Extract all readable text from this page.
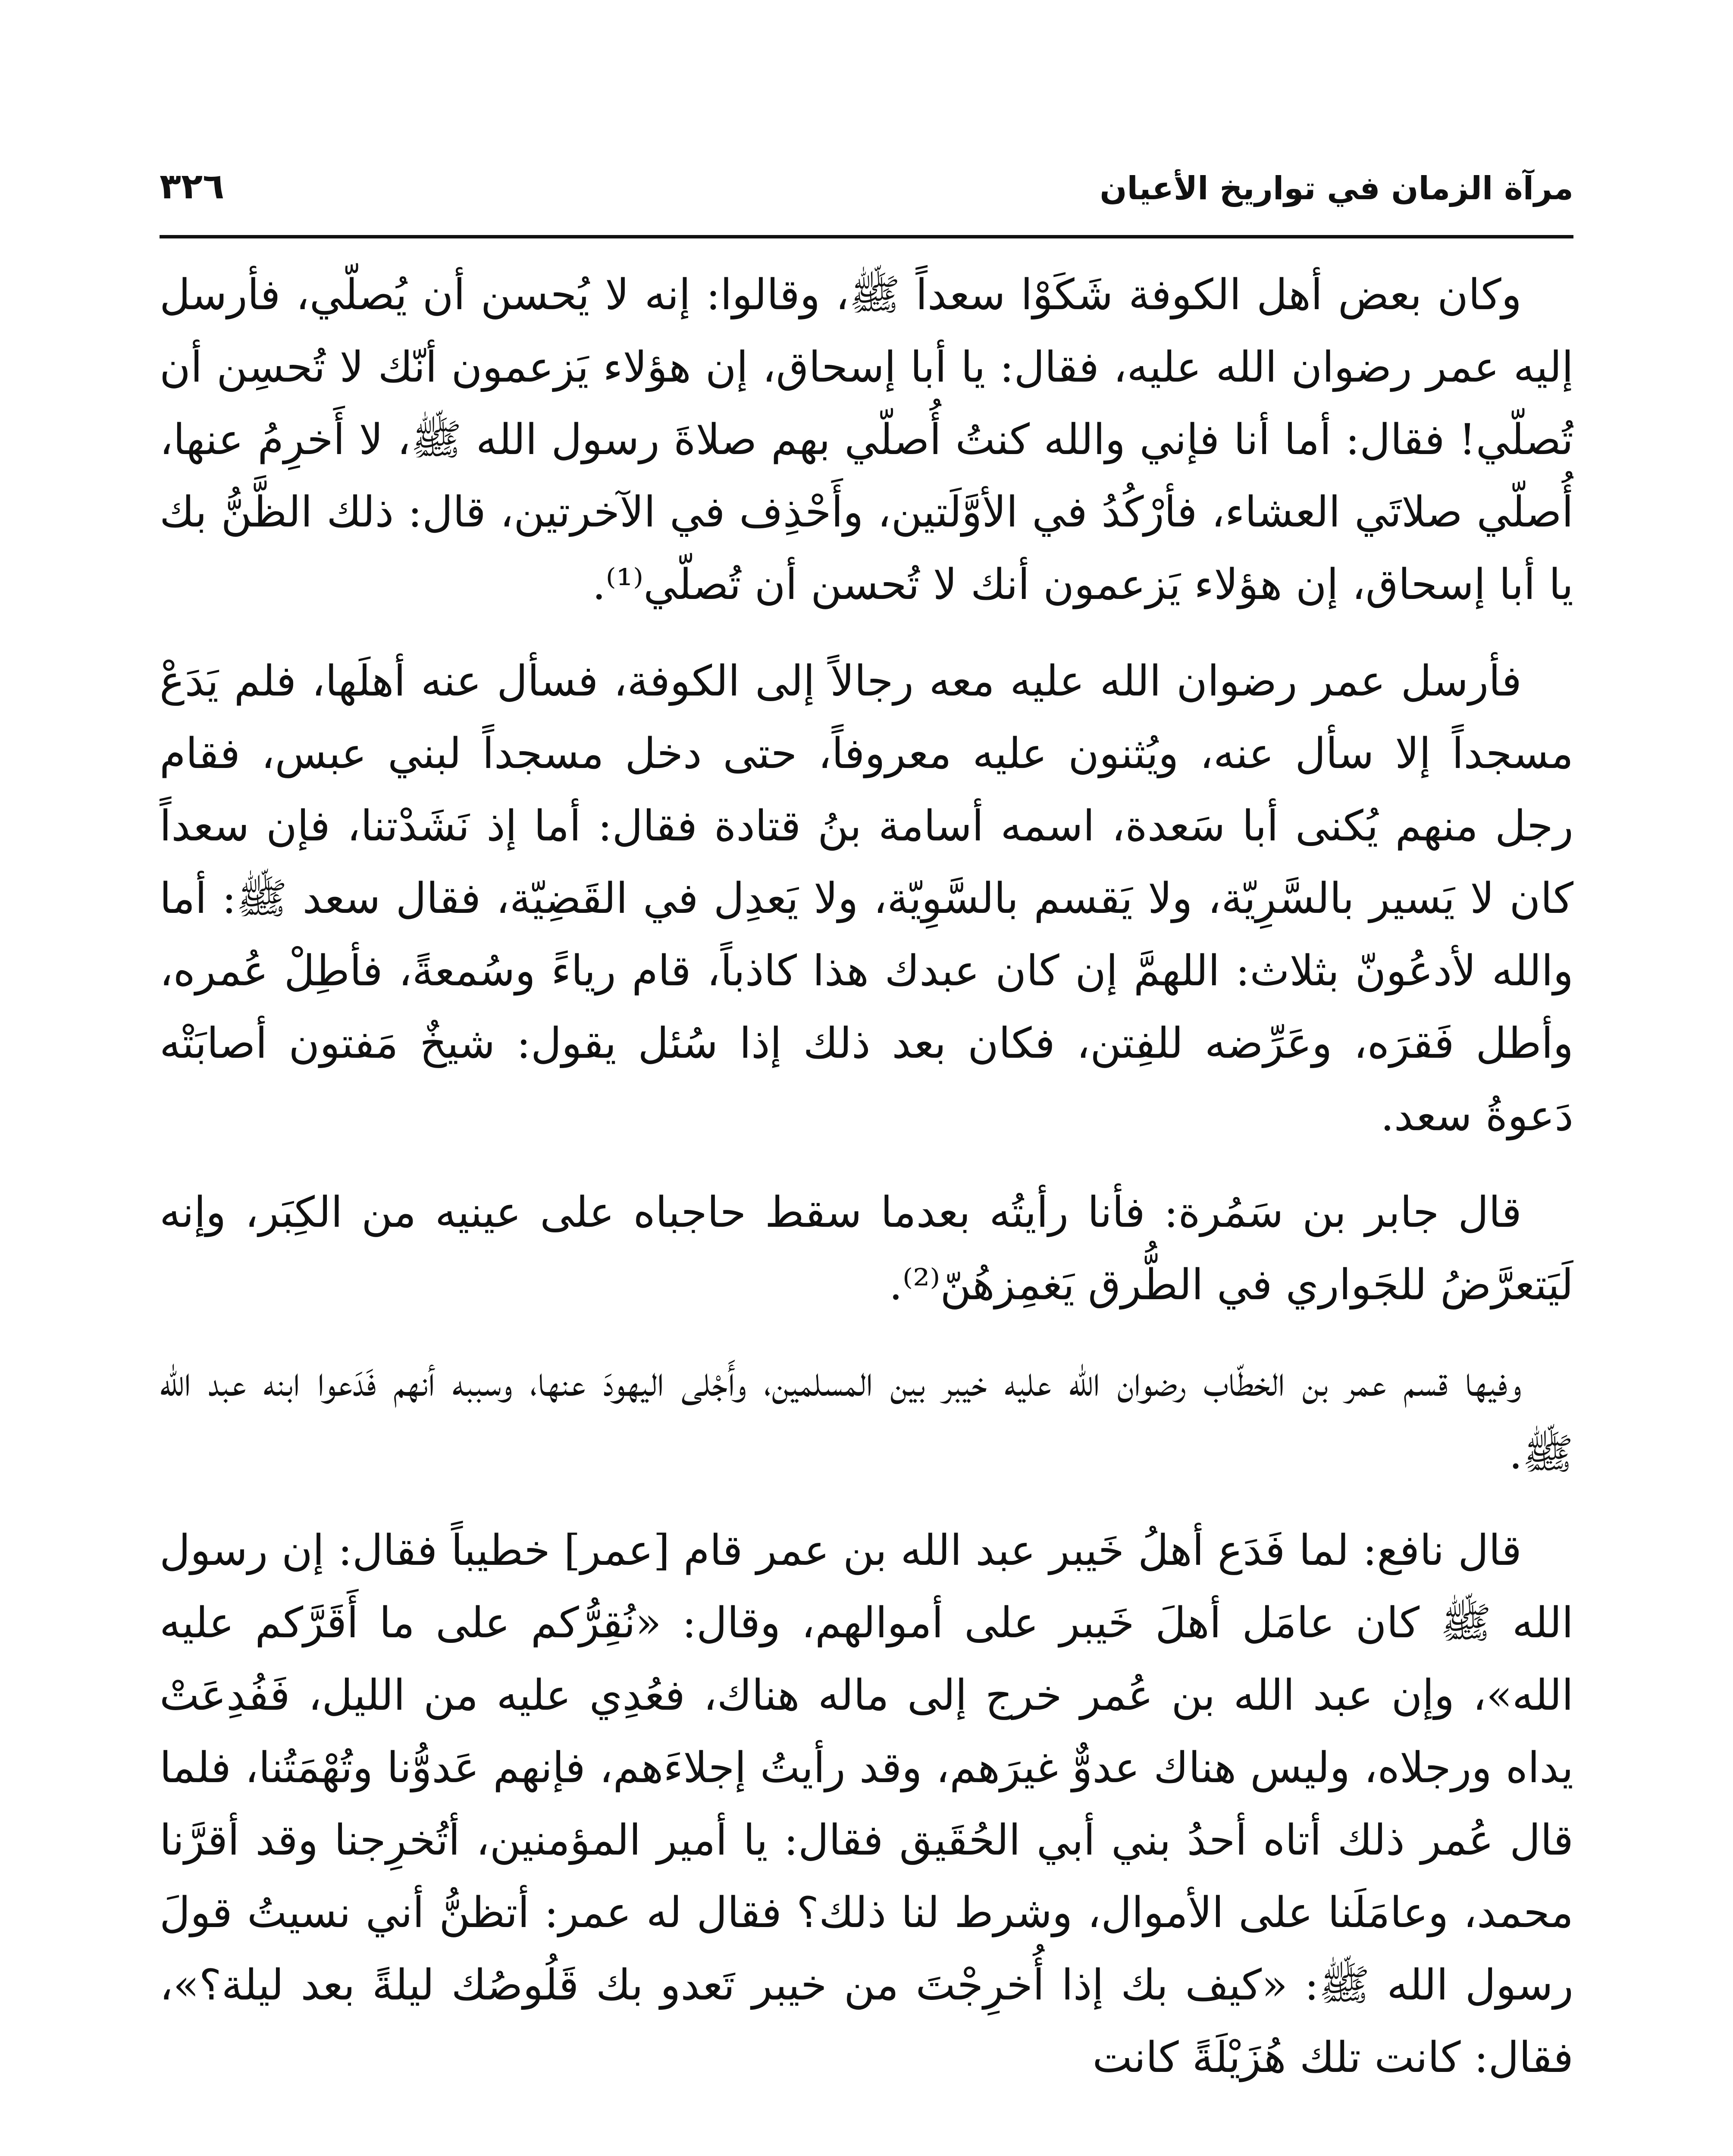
٣٢٦	مرآة الزمان في تواريخ الأعيان

وكان بعض أهل الكوفة شَكَوْا سعداً ﷺ، وقالوا: إنه لا يُحسن أن يُصلّي، فأرسل إليه عمر رضوان الله عليه، فقال: يا أبا إسحاق، إن هؤلاء يَزعمون أنّك لا تُحسِن أن تُصلّي! فقال: أما أنا فإني والله كنتُ أُصلّي بهم صلاةَ رسول الله ﷺ، لا أَخرِمُ عنها، أُصلّي صلاتَي العشاء، فأرْكُدُ في الأوَّلَتين، وأَحْذِف في الآخرتين، قال: ذلك الظَّنُّ بك يا أبا إسحاق، إن هؤلاء يَزعمون أنك لا تُحسن أن تُصلّي⁽¹⁾.

فأرسل عمر رضوان الله عليه معه رجالاً إلى الكوفة، فسأل عنه أهلَها، فلم يَدَعْ مسجداً إلا سأل عنه، ويُثنون عليه معروفاً، حتى دخل مسجداً لبني عبس، فقام رجل منهم يُكنى أبا سَعدة، اسمه أسامة بنُ قتادة فقال: أما إذ نَشَدْتنا، فإن سعداً كان لا يَسير بالسَّرِيّة، ولا يَقسم بالسَّوِيّة، ولا يَعدِل في القَضِيّة، فقال سعد ﷺ: أما والله لأدعُونّ بثلاث: اللهمَّ إن كان عبدك هذا كاذباً، قام رياءً وسُمعةً، فأطِلْ عُمره، وأطل فَقرَه، وعَرِّضه للفِتن، فكان بعد ذلك إذا سُئل يقول: شيخٌ مَفتون أصابَتْه دَعوةُ سعد.

قال جابر بن سَمُرة: فأنا رأيتُه بعدما سقط حاجباه على عينيه من الكِبَر، وإنه لَيَتعرَّضُ للجَواري في الطُّرق يَغمِزهُنّ⁽²⁾.

وفيها قسم عمر بن الخطّاب رضوان الله عليه خيبر بين المسلمين، وأَجْلى اليهودَ عنها، وسببه أنهم فَدَعوا ابنه عبد الله ﷺ.

قال نافع: لما فَدَع أهلُ خَيبر عبد الله بن عمر قام [عمر] خطيباً فقال: إن رسول الله ﷺ كان عامَل أهلَ خَيبر على أموالهم، وقال: «نُقِرُّكم على ما أَقَرَّكم عليه الله»، وإن عبد الله بن عُمر خرج إلى ماله هناك، فعُدِي عليه من الليل، فَفُدِعَتْ يداه ورجلاه، وليس هناك عدوٌّ غيرَهم، وقد رأيتُ إجلاءَهم، فإنهم عَدوُّنا وتُهْمَتُنا، فلما قال عُمر ذلك أتاه أحدُ بني أبي الحُقَيق فقال: يا أمير المؤمنين، أتُخرِجنا وقد أقرَّنا محمد، وعامَلَنا على الأموال، وشرط لنا ذلك؟ فقال له عمر: أتظنُّ أني نسيتُ قولَ رسول الله ﷺ: «كيف بك إذا أُخرِجْتَ من خيبر تَعدو بك قَلُوصُك ليلةً بعد ليلة؟»، فقال: كانت تلك هُزَيْلَةً كانت
